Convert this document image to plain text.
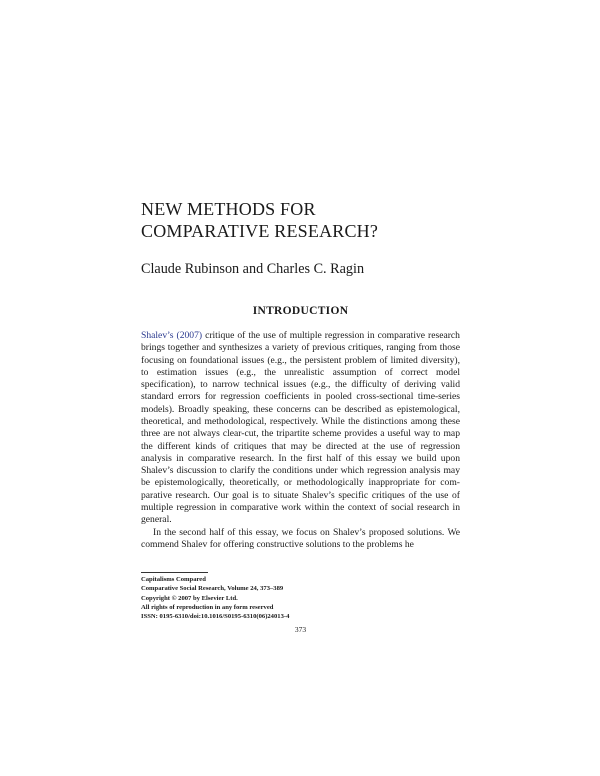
NEW METHODS FOR
COMPARATIVE RESEARCH?
Claude Rubinson and Charles C. Ragin
INTRODUCTION

Shalev’s (2007) critique of the use of multiple regression in comparative research brings together and synthesizes a variety of previous critiques, ranging from those focusing on foundational issues (e.g., the persistent problem of limited diversity), to estimation issues (e.g., the unrealistic assumption of correct model specification), to narrow technical issues (e.g., the difficulty of deriving valid standard errors for regression coefficients in pooled cross-sectional time-series models). Broadly speaking, these concerns can be described as epistemological, theoretical, and methodological, respectively. While the distinctions among these three are not always clear-cut, the tripartite scheme provides a useful way to map the different kinds of critiques that may be directed at the use of regression analysis in comparative research. In the first half of this essay we build upon Shalev’s discussion to clarify the conditions under which regression analysis may be epistemologically, theoretically, or methodologically inappropriate for comparative research. Our goal is to situate Shalev’s specific critiques of the use of multiple regression in comparative work within the context of social research in general.

In the second half of this essay, we focus on Shalev’s proposed solutions. We commend Shalev for offering constructive solutions to the problems he

Capitalisms Compared
Comparative Social Research, Volume 24, 373–389
Copyright © 2007 by Elsevier Ltd.
All rights of reproduction in any form reserved
ISSN: 0195-6310/doi:10.1016/S0195-6310(06)24013-4
373
